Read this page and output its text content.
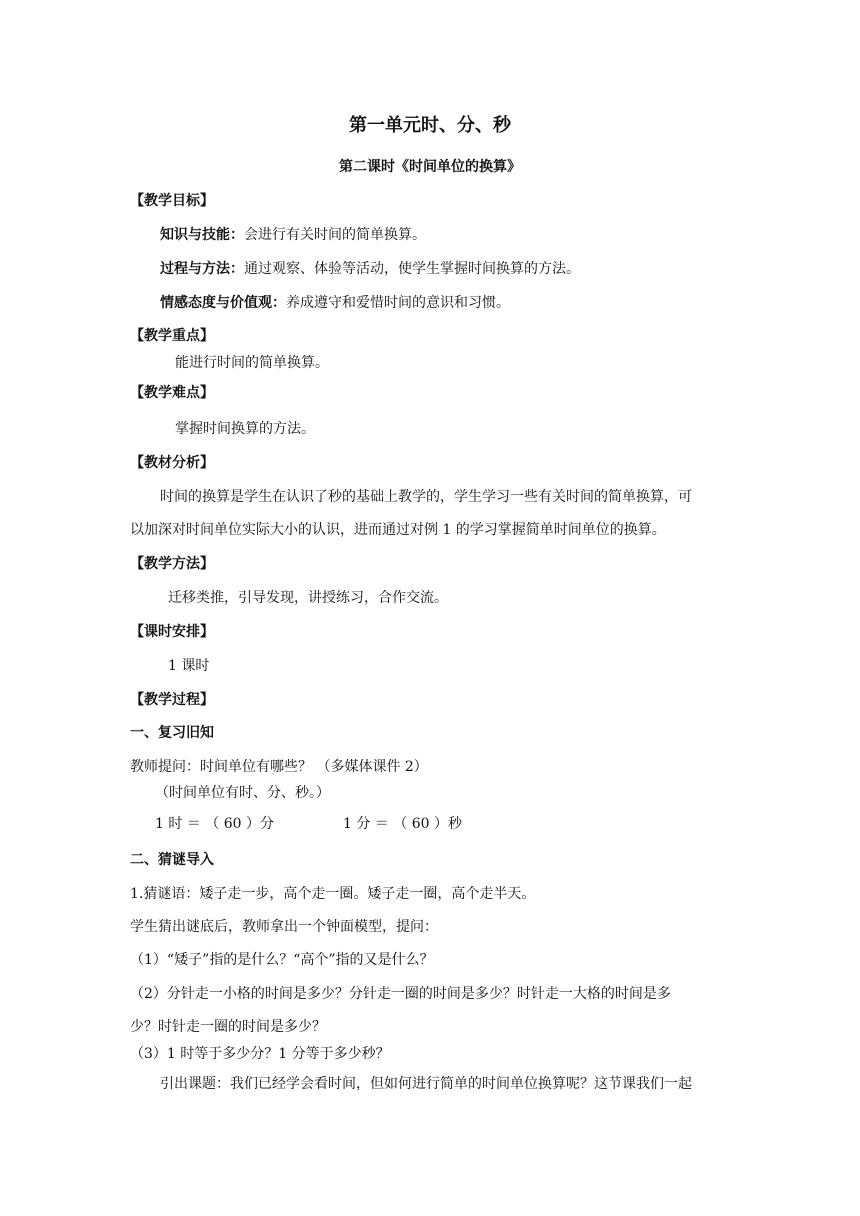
第一单元时、分、秒
第二课时《时间单位的换算》
【教学目标】
知识与技能：会进行有关时间的简单换算。
过程与方法：通过观察、体验等活动，使学生掌握时间换算的方法。
情感态度与价值观：养成遵守和爱惜时间的意识和习惯。
【教学重点】
能进行时间的简单换算。
【教学难点】
掌握时间换算的方法。
【教材分析】
时间的换算是学生在认识了秒的基础上教学的，学生学习一些有关时间的简单换算，可
以加深对时间单位实际大小的认识，进而通过对例 1 的学习掌握简单时间单位的换算。
【教学方法】
迁移类推，引导发现，讲授练习，合作交流。
【课时安排】
1 课时
【教学过程】
一、复习旧知
教师提问：时间单位有哪些？ （多媒体课件 2）
（时间单位有时、分、秒。）
1 时 ＝ （ 60 ）分	1 分 ＝ （ 60 ）秒
二、猜谜导入
1.猜谜语：矮子走一步，高个走一圈。矮子走一圈，高个走半天。
学生猜出谜底后，教师拿出一个钟面模型，提问：
（1）“矮子”指的是什么？“高个”指的又是什么？
（2）分针走一小格的时间是多少？分针走一圈的时间是多少？时针走一大格的时间是多
少？时针走一圈的时间是多少？
（3）1 时等于多少分？1 分等于多少秒？
引出课题：我们已经学会看时间，但如何进行简单的时间单位换算呢？这节课我们一起
